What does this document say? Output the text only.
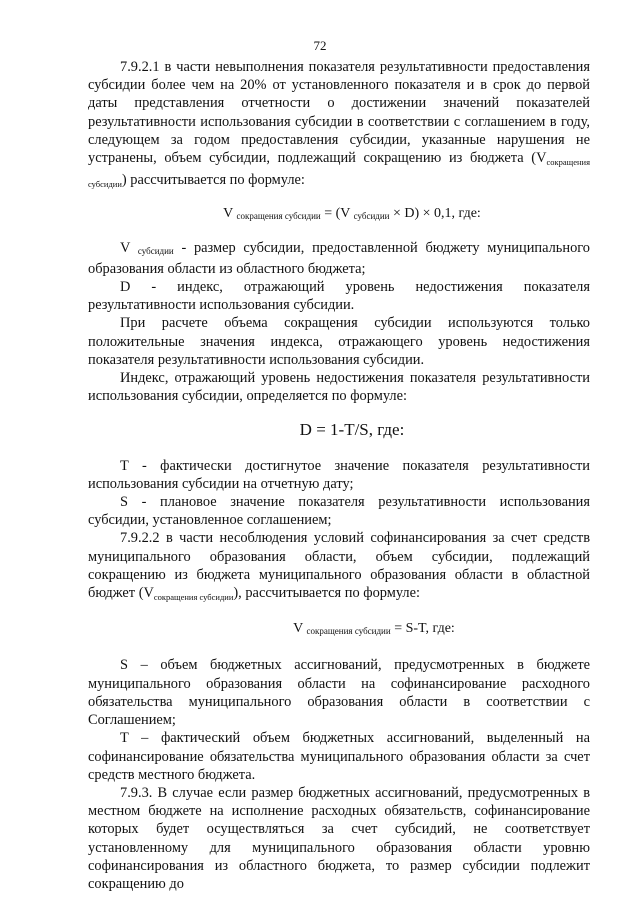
72

7.9.2.1 в части невыполнения показателя результативности предоставления субсидии более чем на 20% от установленного показателя и в срок до первой даты представления отчетности о достижении значений показателей результативности использования субсидии в соответствии с соглашением в году, следующем за годом предоставления субсидии, указанные нарушения не устранены, объем субсидии, подлежащий сокращению из бюджета $(V_{сокращения субсидии})$ рассчитывается по формуле:

V $_{сокращения субсидии}$ = (V $_{субсидии}$ × D) × 0,1, где:

V $_{субсидии}$ - размер субсидии, предоставленной бюджету муниципального образования области из областного бюджета;

D - индекс, отражающий уровень недостижения показателя результативности использования субсидии.

При расчете объема сокращения субсидии используются только положительные значения индекса, отражающего уровень недостижения показателя результативности использования субсидии.

Индекс, отражающий уровень недостижения показателя результативности использования субсидии, определяется по формуле:

D = 1-T/S, где:

T - фактически достигнутое значение показателя результативности использования субсидии на отчетную дату;

S - плановое значение показателя результативности использования субсидии, установленное соглашением;

7.9.2.2 в части несоблюдения условий софинансирования за счет средств муниципального образования области, объем субсидии, подлежащий сокращению из бюджета муниципального образования области в областной бюджет $(V_{сокращения субсидии})$, рассчитывается по формуле:

V $_{сокращения субсидии}$ = S-T, где:

S – объем бюджетных ассигнований, предусмотренных в бюджете муниципального образования области на софинансирование расходного обязательства муниципального образования области в соответствии с Соглашением;

T – фактический объем бюджетных ассигнований, выделенный на софинансирование обязательства муниципального образования области за счет средств местного бюджета.

7.9.3. В случае если размер бюджетных ассигнований, предусмотренных в местном бюджете на исполнение расходных обязательств, софинансирование которых будет осуществляться за счет субсидий, не соответствует установленному для муниципального образования области уровню софинансирования из областного бюджета, то размер субсидии подлежит сокращению до
